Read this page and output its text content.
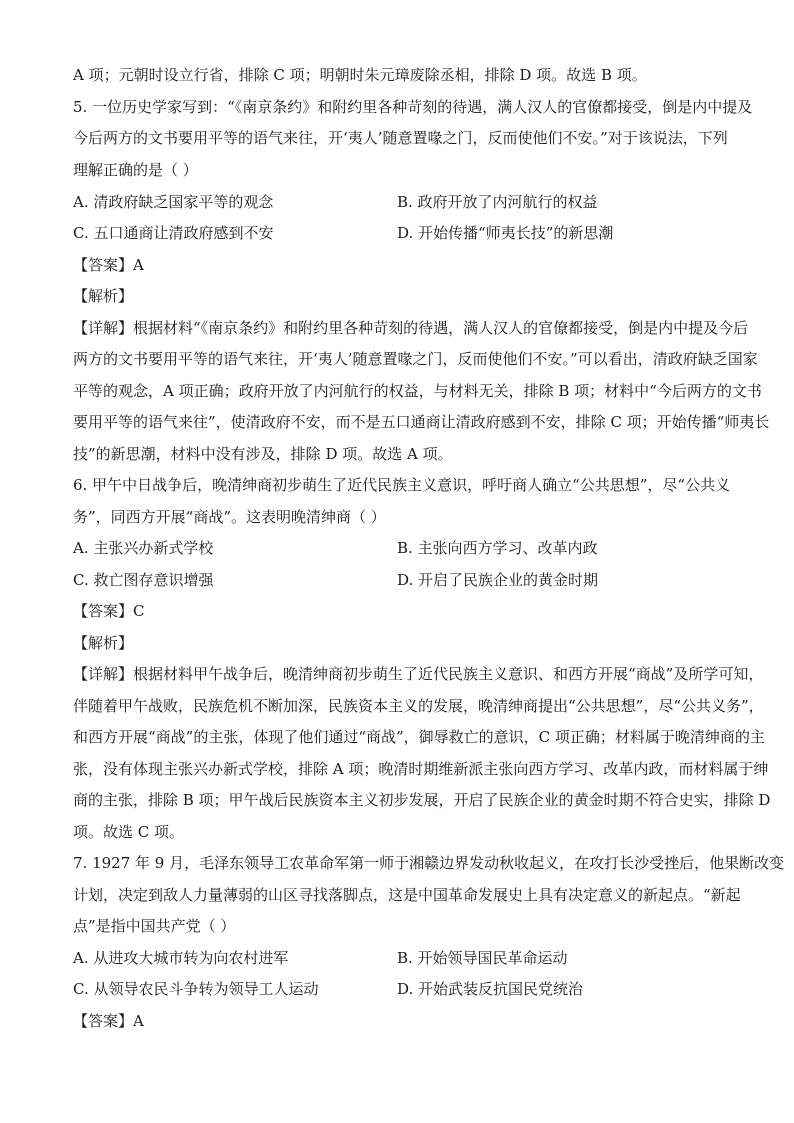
A 项；元朝时设立行省，排除 C 项；明朝时朱元璋废除丞相，排除 D 项。故选 B 项。
5. 一位历史学家写到：“《南京条约》和附约里各种苛刻的待遇，满人汉人的官僚都接受，倒是内中提及
今后两方的文书要用平等的语气来往，开‘夷人’随意置喙之门，反而使他们不安。”对于该说法，下列
理解正确的是（ ）
A. 清政府缺乏国家平等的观念	B. 政府开放了内河航行的权益
C. 五口通商让清政府感到不安	D. 开始传播“师夷长技”的新思潮
【答案】A
【解析】
【详解】根据材料“《南京条约》和附约里各种苛刻的待遇，满人汉人的官僚都接受，倒是内中提及今后
两方的文书要用平等的语气来往，开‘夷人’随意置喙之门，反而使他们不安。”可以看出，清政府缺乏国家
平等的观念，A 项正确；政府开放了内河航行的权益，与材料无关，排除 B 项；材料中“今后两方的文书
要用平等的语气来往”，使清政府不安，而不是五口通商让清政府感到不安，排除 C 项；开始传播“师夷长
技”的新思潮，材料中没有涉及，排除 D 项。故选 A 项。
6. 甲午中日战争后，晚清绅商初步萌生了近代民族主义意识，呼吁商人确立“公共思想”，尽“公共义
务”，同西方开展“商战”。这表明晚清绅商（ ）
A. 主张兴办新式学校	B. 主张向西方学习、改革内政
C. 救亡图存意识增强	D. 开启了民族企业的黄金时期
【答案】C
【解析】
【详解】根据材料甲午战争后，晚清绅商初步萌生了近代民族主义意识、和西方开展“商战”及所学可知，
伴随着甲午战败，民族危机不断加深，民族资本主义的发展，晚清绅商提出“公共思想”，尽“公共义务”，
和西方开展“商战”的主张，体现了他们通过“商战”，御辱救亡的意识，C 项正确；材料属于晚清绅商的主
张，没有体现主张兴办新式学校，排除 A 项；晚清时期维新派主张向西方学习、改革内政，而材料属于绅
商的主张，排除 B 项；甲午战后民族资本主义初步发展，开启了民族企业的黄金时期不符合史实，排除 D
项。故选 C 项。
7. 1927 年 9 月，毛泽东领导工农革命军第一师于湘赣边界发动秋收起义，在攻打长沙受挫后，他果断改变
计划，决定到敌人力量薄弱的山区寻找落脚点，这是中国革命发展史上具有决定意义的新起点。“新起
点”是指中国共产党（ ）
A. 从进攻大城市转为向农村进军	B. 开始领导国民革命运动
C. 从领导农民斗争转为领导工人运动	D. 开始武装反抗国民党统治
【答案】A
